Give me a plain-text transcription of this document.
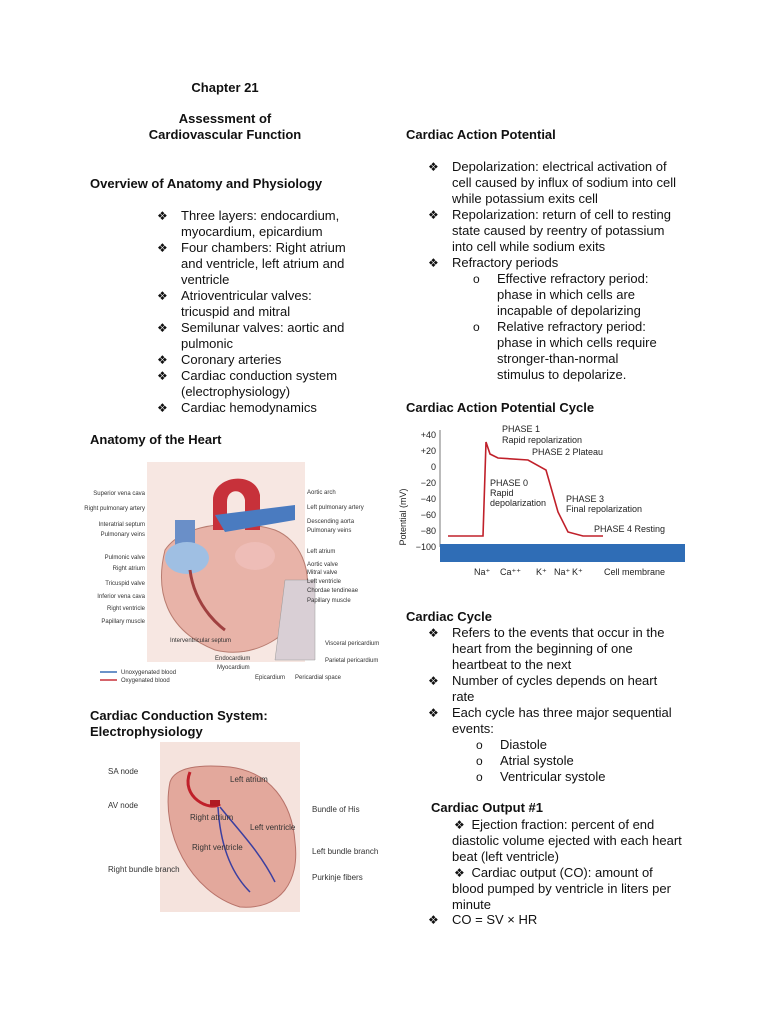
Chapter 21
Assessment of
Cardiovascular Function
Overview of Anatomy and Physiology
❖ Three layers: endocardium, myocardium, epicardium
❖ Four chambers: Right atrium and ventricle, left atrium and ventricle
❖ Atrioventricular valves: tricuspid and mitral
❖ Semilunar valves: aortic and pulmonic
❖ Coronary arteries
❖ Cardiac conduction system (electrophysiology)
❖ Cardiac hemodynamics
Anatomy of the Heart
Superior vena cava
Right pulmonary artery
Interatrial septum
Pulmonary veins
Pulmonic valve
Right atrium
Tricuspid valve
Inferior vena cava
Right ventricle
Papillary muscle
Aortic arch
Left pulmonary artery
Descending aorta
Pulmonary veins
Left atrium
Aortic valve
Mitral valve
Left ventricle
Chordae tendineae
Papillary muscle
Interventricular septum
Endocardium
Myocardium
Epicardium Pericardial space
Visceral pericardium
Parietal pericardium
Unoxygenated blood
Oxygenated blood
Cardiac Conduction System:
Electrophysiology
SA node
AV node
Right bundle branch
Left atrium
Right atrium
Right ventricle
Left ventricle
Bundle of His
Left bundle branch
Purkinje fibers
Cardiac Action Potential
❖ Depolarization: electrical activation of cell caused by influx of sodium into cell while potassium exits cell
❖ Repolarization: return of cell to resting state caused by reentry of potassium into cell while sodium exits
❖ Refractory periods
o Effective refractory period: phase in which cells are incapable of depolarizing
o Relative refractory period: phase in which cells require stronger-than-normal stimulus to depolarize.
Cardiac Action Potential Cycle
Potential (mV)
+40
+20
0
−20
−40
−60
−80
−100
PHASE 1
Rapid repolarization
PHASE 2 Plateau
PHASE 0
Rapid
depolarization PHASE 3
Final repolarization
PHASE 4 Resting
Na⁺ Ca⁺⁺ K⁺ Na⁺ K⁺ Cell membrane
Cardiac Cycle
❖ Refers to the events that occur in the heart from the beginning of one heartbeat to the next
❖ Number of cycles depends on heart rate
❖ Each cycle has three major sequential events:
o Diastole
o Atrial systole
o Ventricular systole
Cardiac Output #1

❖  Ejection fraction: percent of end diastolic volume ejected with each heart beat (left ventricle)

❖  Cardiac output (CO): amount of blood pumped by ventricle in liters per minute

❖ CO = SV × HR
